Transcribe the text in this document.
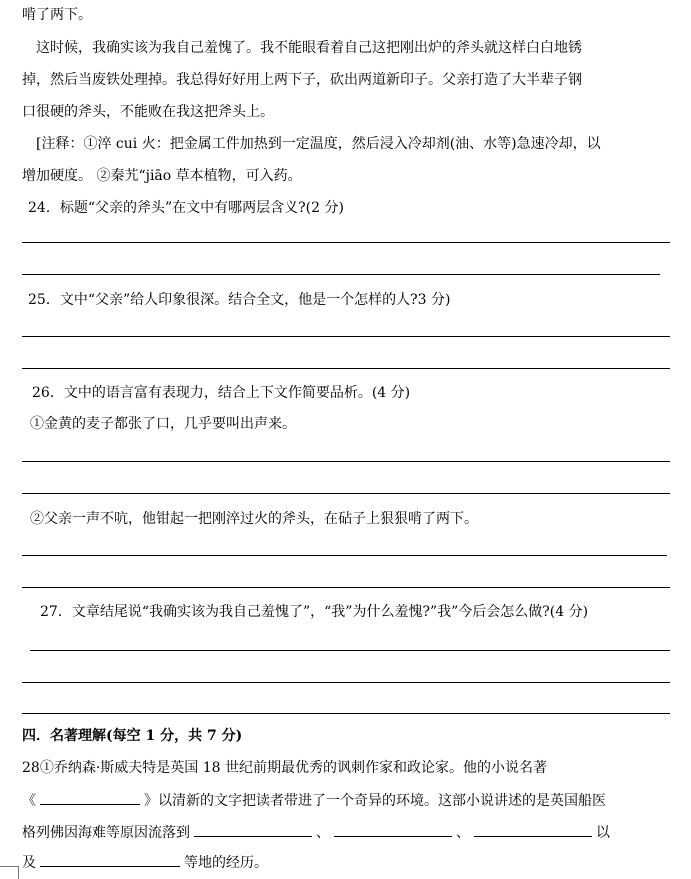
啃了两下。
这时候，我确实该为我自己羞愧了。我不能眼看着自己这把刚出炉的斧头就这样白白地锈
掉，然后当废铁处理掉。我总得好好用上两下子，砍出两道新印子。父亲打造了大半辈子钢
口很硬的斧头，不能败在我这把斧头上。
[注释：①淬 cui 火：把金属工件加热到一定温度，然后浸入冷却剂(油、水等)急速冷却，以
增加硬度。 ②秦艽“jiāo 草本植物，可入药。
24．标题“父亲的斧头”在文中有哪两层含义?(2 分)
25．文中“父亲”给人印象很深。结合全文，他是一个怎样的人?3 分)
26．文中的语言富有表现力，结合上下文作简要品析。(4 分)
①金黄的麦子都张了口，几乎要叫出声来。
②父亲一声不吭，他钳起一把刚淬过火的斧头，在砧子上狠狠啃了两下。
27．文章结尾说“我确实该为我自己羞愧了”，“我”为什么羞愧?”我”今后会怎么做?(4 分)
四．名著理解(每空 1 分，共 7 分)
28①乔纳森·斯威夫特是英国 18 世纪前期最优秀的讽刺作家和政论家。他的小说名著
《	》以清新的文字把读者带进了一个奇异的环境。这部小说讲述的是英国船医
格列佛因海难等原因流落到	、	、	以
及	等地的经历。
